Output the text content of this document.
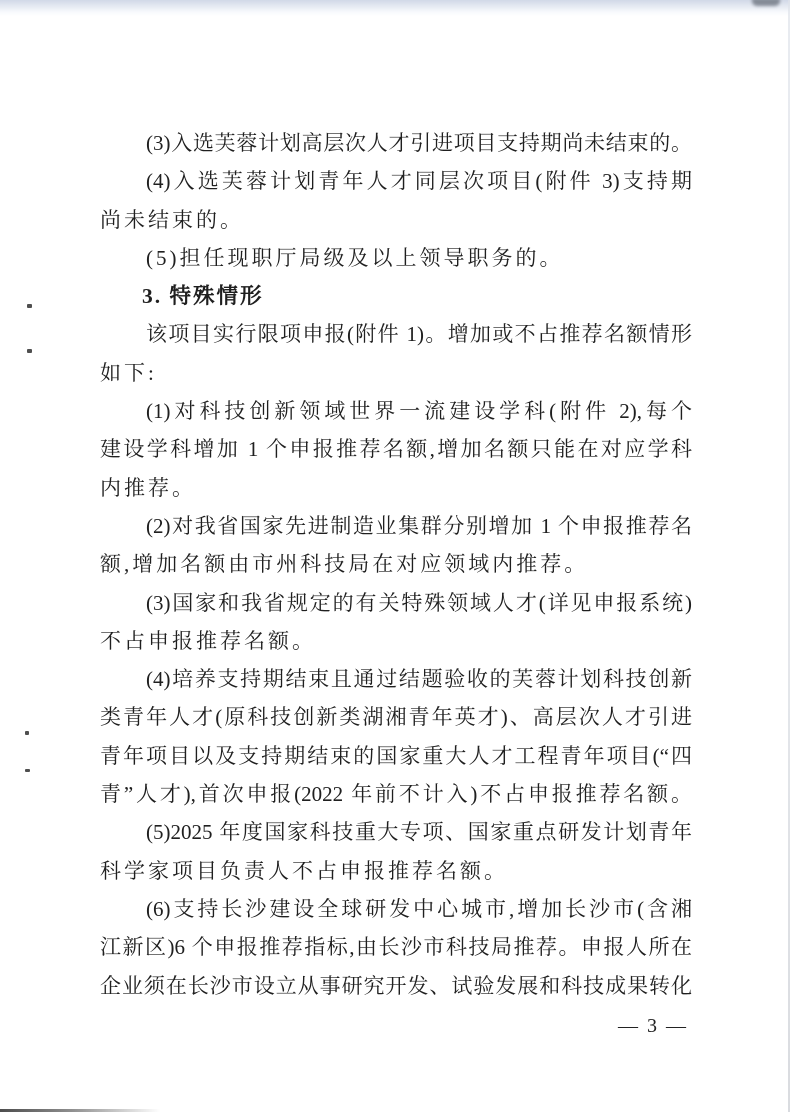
(3)入选芙蓉计划高层次人才引进项目支持期尚未结束的。
(4)入选芙蓉计划青年人才同层次项目(附件 3)支持期
尚未结束的。
(5)担任现职厅局级及以上领导职务的。
3. 特殊情形
该项目实行限项申报(附件 1)。增加或不占推荐名额情形
如下:
(1)对科技创新领域世界一流建设学科(附件 2),每个
建设学科增加 1 个申报推荐名额,增加名额只能在对应学科
内推荐。
(2)对我省国家先进制造业集群分别增加 1 个申报推荐名
额,增加名额由市州科技局在对应领域内推荐。
(3)国家和我省规定的有关特殊领域人才(详见申报系统)
不占申报推荐名额。
(4)培养支持期结束且通过结题验收的芙蓉计划科技创新
类青年人才(原科技创新类湖湘青年英才)、高层次人才引进
青年项目以及支持期结束的国家重大人才工程青年项目(“四
青”人才),首次申报(2022 年前不计入)不占申报推荐名额。
(5)2025 年度国家科技重大专项、国家重点研发计划青年
科学家项目负责人不占申报推荐名额。
(6)支持长沙建设全球研发中心城市,增加长沙市(含湘
江新区)6 个申报推荐指标,由长沙市科技局推荐。申报人所在
企业须在长沙市设立从事研究开发、试验发展和科技成果转化
— 3 —
